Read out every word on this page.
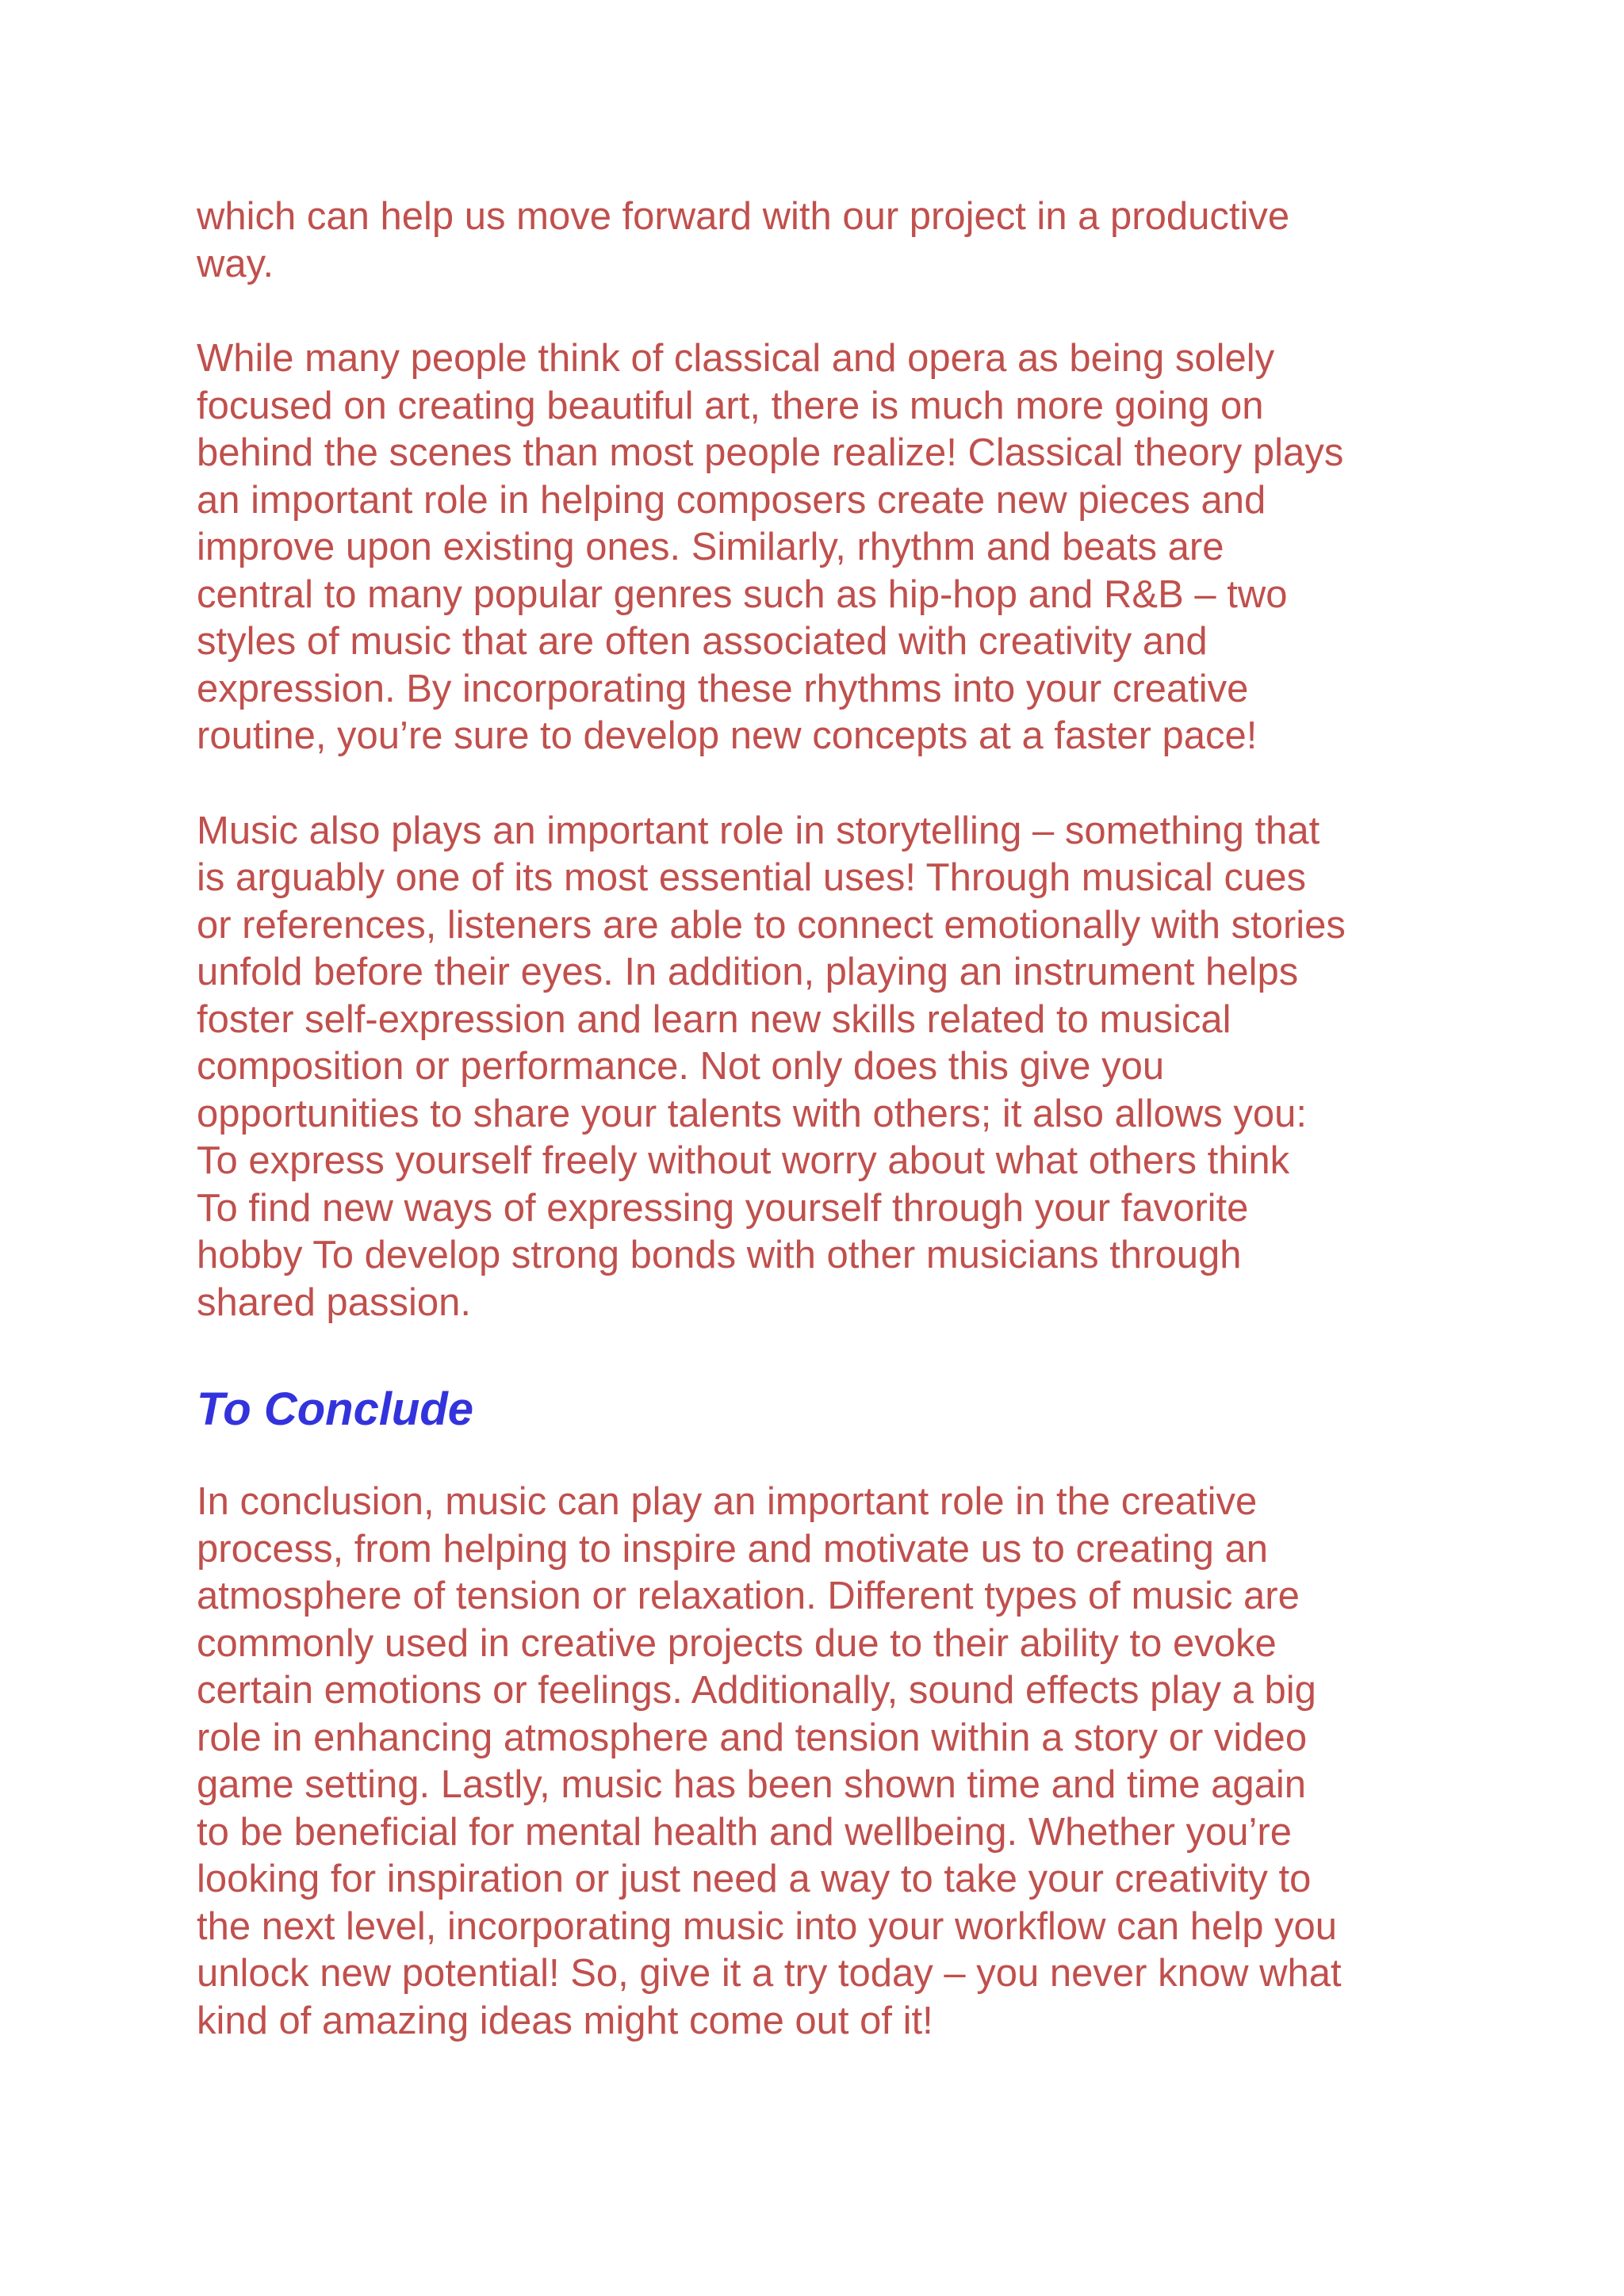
which can help us move forward with our project in a productive
way.

While many people think of classical and opera as being solely
focused on creating beautiful art, there is much more going on
behind the scenes than most people realize! Classical theory plays
an important role in helping composers create new pieces and
improve upon existing ones. Similarly, rhythm and beats are
central to many popular genres such as hip-hop and R&B – two
styles of music that are often associated with creativity and
expression. By incorporating these rhythms into your creative
routine, you’re sure to develop new concepts at a faster pace!

Music also plays an important role in storytelling – something that
is arguably one of its most essential uses! Through musical cues
or references, listeners are able to connect emotionally with stories
unfold before their eyes. In addition, playing an instrument helps
foster self-expression and learn new skills related to musical
composition or performance. Not only does this give you
opportunities to share your talents with others; it also allows you:
To express yourself freely without worry about what others think
To find new ways of expressing yourself through your favorite
hobby To develop strong bonds with other musicians through
shared passion.

To Conclude

In conclusion, music can play an important role in the creative
process, from helping to inspire and motivate us to creating an
atmosphere of tension or relaxation. Different types of music are
commonly used in creative projects due to their ability to evoke
certain emotions or feelings. Additionally, sound effects play a big
role in enhancing atmosphere and tension within a story or video
game setting. Lastly, music has been shown time and time again
to be beneficial for mental health and wellbeing. Whether you’re
looking for inspiration or just need a way to take your creativity to
the next level, incorporating music into your workflow can help you
unlock new potential! So, give it a try today – you never know what
kind of amazing ideas might come out of it!
